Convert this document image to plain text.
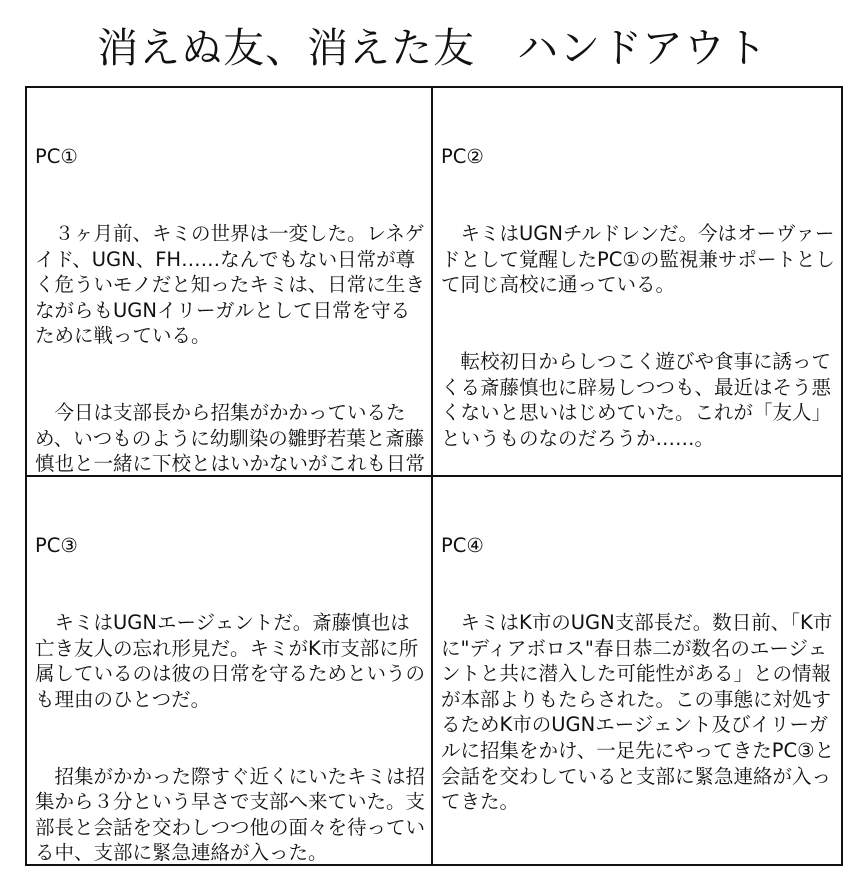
消えぬ友、消えた友　ハンドアウト

PC①

　３ヶ月前、キミの世界は一変した。レネゲイド、UGN、FH……なんでもない日常が尊く危ういモノだと知ったキミは、日常に生きながらもUGNイリーガルとして日常を守るために戦っている。

　今日は支部長から招集がかかっているため、いつものように幼馴染の雛野若葉と斎藤慎也と一緒に下校とはいかないがこれも日常

PC②

　キミはUGNチルドレンだ。今はオーヴァードとして覚醒したPC①の監視兼サポートとして同じ高校に通っている。

　転校初日からしつこく遊びや食事に誘ってくる斎藤慎也に辟易しつつも、最近はそう悪くないと思いはじめていた。これが「友人」というものなのだろうか……。

PC③

　キミはUGNエージェントだ。斎藤慎也は亡き友人の忘れ形見だ。キミがK市支部に所属しているのは彼の日常を守るためというのも理由のひとつだ。

　招集がかかった際すぐ近くにいたキミは招集から３分という早さで支部へ来ていた。支部長と会話を交わしつつ他の面々を待っている中、支部に緊急連絡が入った。

PC④

　キミはK市のUGN支部長だ。数日前、「K市に"ディアボロス"春日恭二が数名のエージェントと共に潜入した可能性がある」との情報が本部よりもたらされた。この事態に対処するためK市のUGNエージェント及びイリーガルに招集をかけ、一足先にやってきたPC③と会話を交わしていると支部に緊急連絡が入ってきた。
